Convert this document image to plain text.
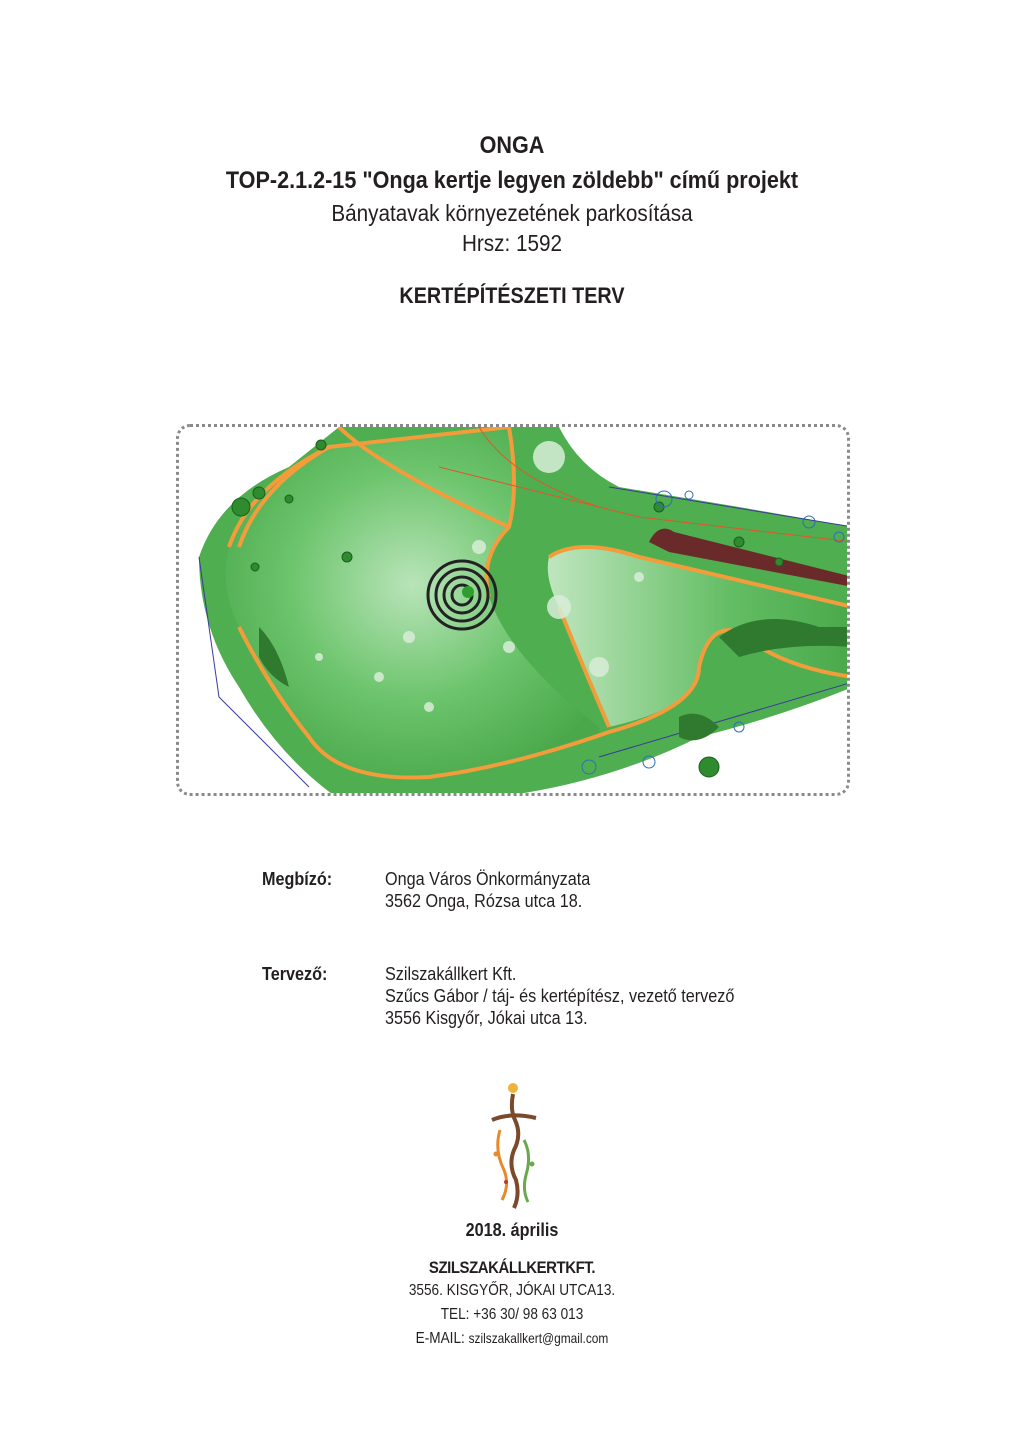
ONGA
TOP-2.1.2-15 "Onga kertje legyen zöldebb" című projekt
Bányatavak környezetének parkosítása
Hrsz: 1592
KERTÉPÍTÉSZETI TERV
Megbízó:	Onga Város Önkormányzata
3562 Onga, Rózsa utca 18.
Tervező:	Szilszakállkert Kft.
Szűcs Gábor / táj- és kertépítész, vezető tervező
3556 Kisgyőr, Jókai utca 13.
2018. április
SZILSZAKÁLLKERTKFT.
3556. KISGYŐR, JÓKAI UTCA13.
TEL: +36 30/ 98 63 013
E-MAIL: szilszakallkert@gmail.com
